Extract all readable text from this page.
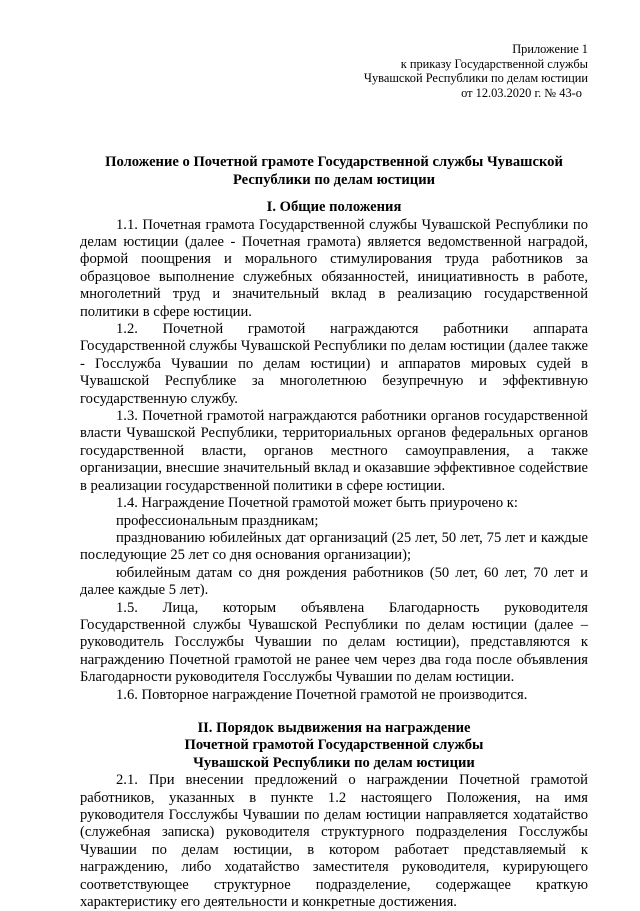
Приложение 1
к приказу Государственной службы
Чувашской Республики по делам юстиции
от 12.03.2020 г. № 43-о
Положение о Почетной грамоте Государственной службы Чувашской
Республики по делам юстиции
I. Общие положения

1.1. Почетная грамота Государственной службы Чувашской Республики по делам юстиции (далее - Почетная грамота) является ведомственной наградой, формой поощрения и морального стимулирования труда работников за образцовое выполнение служебных обязанностей, инициативность в работе, многолетний труд и значительный вклад в реализацию государственной политики в сфере юстиции.

1.2. Почетной грамотой награждаются работники аппарата Государственной службы Чувашской Республики по делам юстиции (далее также - Госслужба Чувашии по делам юстиции) и аппаратов мировых судей в Чувашской Республике за многолетнюю безупречную и эффективную государственную службу.

1.3. Почетной грамотой награждаются работники органов государственной власти Чувашской Республики, территориальных органов федеральных органов государственной власти, органов местного самоуправления, а также организации, внесшие значительный вклад и оказавшие эффективное содействие в реализации государственной политики в сфере юстиции.

1.4. Награждение Почетной грамотой может быть приурочено к:

профессиональным праздникам;

празднованию юбилейных дат организаций (25 лет, 50 лет, 75 лет и каждые последующие 25 лет со дня основания организации);

юбилейным датам со дня рождения работников (50 лет, 60 лет, 70 лет и далее каждые 5 лет).

1.5. Лица, которым объявлена Благодарность руководителя Государственной службы Чувашской Республики по делам юстиции (далее – руководитель Госслужбы Чувашии по делам юстиции), представляются к награждению Почетной грамотой не ранее чем через два года после объявления Благодарности руководителя Госслужбы Чувашии по делам юстиции.

1.6. Повторное награждение Почетной грамотой не производится.

II. Порядок выдвижения на награждение
Почетной грамотой Государственной службы
Чувашской Республики по делам юстиции

2.1. При внесении предложений о награждении Почетной грамотой работников, указанных в пункте 1.2 настоящего Положения, на имя руководителя Госслужбы Чувашии по делам юстиции направляется ходатайство (служебная записка) руководителя структурного подразделения Госслужбы Чувашии по делам юстиции, в котором работает представляемый к награждению, либо ходатайство заместителя руководителя, курирующего соответствующее структурное подразделение, содержащее краткую характеристику его деятельности и конкретные достижения.
